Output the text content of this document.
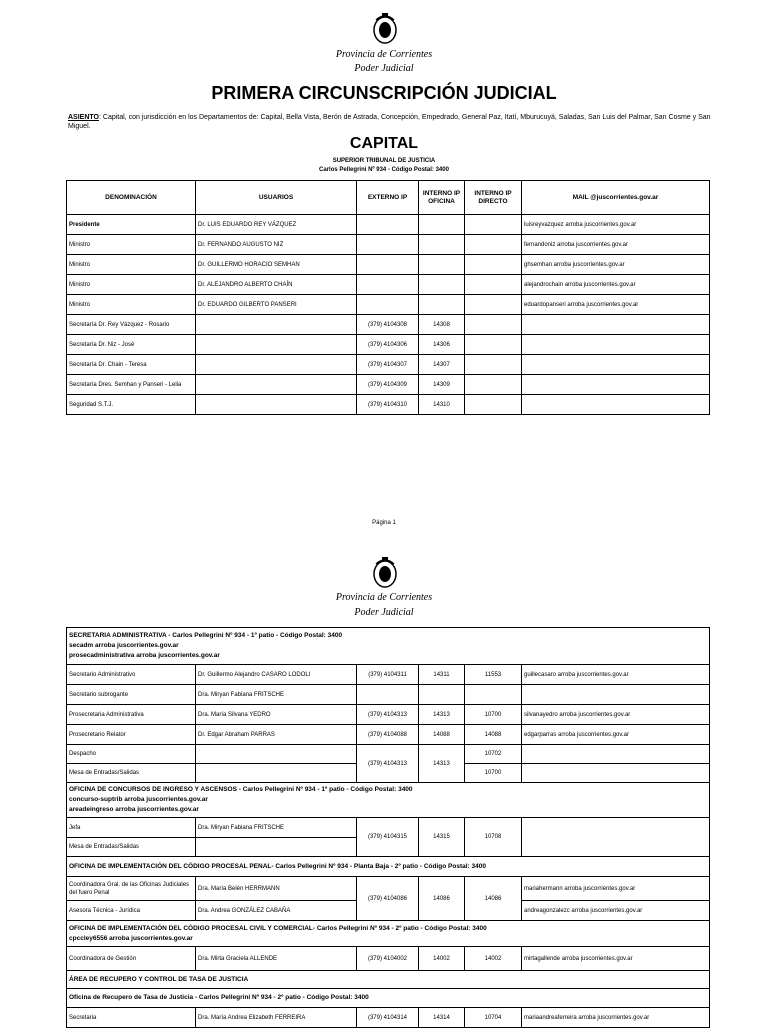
Provincia de Corrientes
Poder Judicial
PRIMERA CIRCUNSCRIPCIÓN JUDICIAL
ASIENTO: Capital, con jurisdicción en los Departamentos de: Capital, Bella Vista, Berón de Astrada, Concepción, Empedrado, General Paz, Itatí, Mburucuyá, Saladas, San Luis del Palmar, San Cosme y San Miguel.
CAPITAL
SUPERIOR TRIBUNAL DE JUSTICIA
Carlos Pellegrini Nº 934 - Código Postal: 3400
DENOMINACIÓN	USUARIOS	EXTERNO IP	INTERNO IP OFICINA	INTERNO IP DIRECTO	MAIL @juscorrientes.gov.ar
Presidente	Dr. LUIS EDUARDO REY VÁZQUEZ				luisreyvazquez arroba juscorrientes.gov.ar
Ministro	Dr. FERNANDO AUGUSTO NIZ				fernandoniz arroba juscorrientes.gov.ar
Ministro	Dr. GUILLERMO HORACIO SEMHAN				ghsemhan arroba juscorrientes.gov.ar
Ministro	Dr. ALEJANDRO ALBERTO CHAÍN				alejandrochain arroba juscorrientes.gov.ar
Ministro	Dr. EDUARDO GILBERTO PANSERI				eduardopanseri arroba juscorrientes.gov.ar
Secretaría Dr. Rey Vázquez - Rosario		(379) 4104308	14308		
Secretaría Dr. Niz - José		(379) 4104306	14306		
Secretaría Dr. Chain - Teresa		(379) 4104307	14307		
Secretaría Dres. Semhan y Panseri - Lelia		(379) 4104309	14309		
Seguridad S.T.J.		(379) 4104310	14310		
Página 1
Provincia de Corrientes
Poder Judicial
SECRETARIA ADMINISTRATIVA - Carlos Pellegrini Nº 934 - 1º patio - Código Postal: 3400
secadm arroba juscorrientes.gov.ar
prosecadministrativa arroba juscorrientes.gov.ar					

Secretario Administrativo	Dr. Guillermo Alejandro CASARO LODOLI	(379) 4104311	14311	11553	guillecasaro arroba juscorrientes.gov.ar
Secretario subrogante	Dra. Miryan Fabiana FRITSCHE				
Prosecretaria Administrativa	Dra. María Silvana YEDRO	(379) 4104313	14313	10700	silvanayedro arroba juscorrientes.gov.ar
Prosecretario Relator	Dr. Edgar Abraham PARRAS	(379) 4104088	14088	14088	edgarparras arroba juscorrientes.gov.ar
Despacho		(379) 4104313	14313	10702	
Mesa de Entradas/Salidas				10700	

OFICINA DE CONCURSOS DE INGRESO Y ASCENSOS - Carlos Pellegrini Nº 934 - 1º patio - Código Postal: 3400
concurso-suptrib arroba juscorrientes.gov.ar
areadeingreso arroba juscorrientes.gov.ar					

Jefa	Dra. Miryan Fabiana FRITSCHE	(379) 4104315	14315	10708	
Mesa de Entradas/Salidas					
OFICINA DE IMPLEMENTACIÓN DEL CÓDIGO PROCESAL PENAL- Carlos Pellegrini Nº 934 - Planta Baja - 2º patio - Código Postal: 3400					
Coordinadora Gral. de las Oficinas Judiciales del fuero Penal	Dra. María Belén HERRMANN	(379) 4104086	14086	14086	mariahermann arroba juscorrientes.gov.ar
Asesora Técnica - Jurídica	Dra. Andrea GONZÁLEZ CABAÑA				andreagonzalezc arroba juscorrientes.gov.ar

OFICINA DE IMPLEMENTACIÓN DEL CÓDIGO PROCESAL CIVIL Y COMERCIAL- Carlos Pellegrini Nº 934 - 2º patio - Código Postal: 3400
cpccley6556 arroba juscorrientes.gov.ar					

Coordinadora de Gestión	Dra. Mirta Graciela ALLENDE	(379) 4104002	14002	14002	mirtagallende arroba juscorrientes.gov.ar
ÁREA DE RECUPERO Y CONTROL DE TASA DE JUSTICIA					
Oficina de Recupero de Tasa de Justicia - Carlos Pellegrini Nº 934 - 2º patio - Código Postal: 3400					
Secretaria	Dra. María Andrea Elizabeth FERREIRA	(379) 4104314	14314	10704	mariaandreaferreira arroba juscorrientes.gov.ar
